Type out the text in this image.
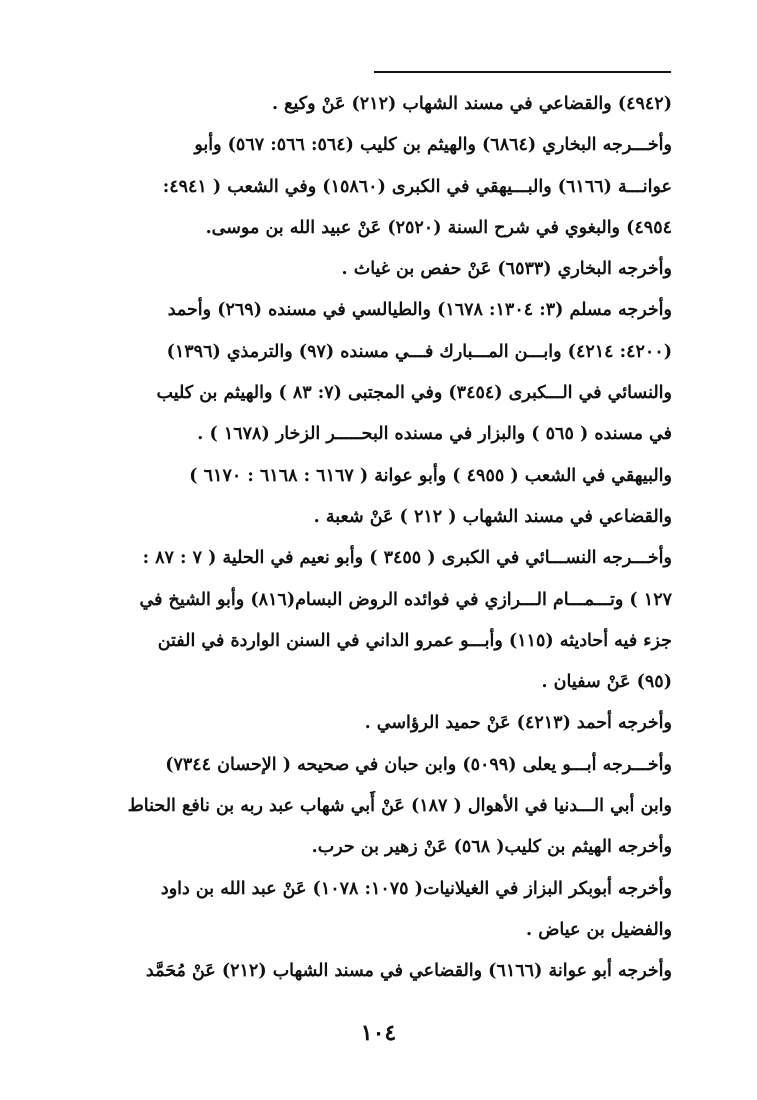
(٤٩٤٢) والقضاعي في مسند الشهاب (٢١٢) عَنْ وكيع .
وأخـــرجه البخاري (٦٨٦٤) والهيثم بن كليب (٥٦٤: ٥٦٦: ٥٦٧) وأبو
عوانـــة (٦١٦٦) والبـــيهقي في الكبرى (١٥٨٦٠) وفي الشعب ( ٤٩٤١:
٤٩٥٤) والبغوي في شرح السنة (٢٥٢٠) عَنْ عبيد الله بن موسى.
وأخرجه البخاري (٦٥٣٣) عَنْ حفص بن غياث .
وأخرجه مسلم (٣: ١٣٠٤: ١٦٧٨) والطيالسي في مسنده (٢٦٩) وأحمد
(٤٢٠٠: ٤٢١٤) وابـــن المـــبارك فـــي مسنده (٩٧) والترمذي (١٣٩٦)
والنسائي في الـــكبرى (٣٤٥٤) وفي المجتبى (٧: ٨٣ ) والهيثم بن كليب
في مسنده ( ٥٦٥ ) والبزار في مسنده البحـــــر الزخار (١٦٧٨ ) .
والبيهقي في الشعب ( ٤٩٥٥ ) وأبو عوانة ( ٦١٦٧ : ٦١٦٨ : ٦١٧٠ )
والقضاعي في مسند الشهاب ( ٢١٢ ) عَنْ شعبة .
وأخـــرجه النســـائي في الكبرى ( ٣٤٥٥ ) وأبو نعيم في الحلية ( ٧ : ٨٧ :
١٢٧ ) وتـــمـــام الـــرازي في فوائده الروض البسام(٨١٦) وأبو الشيخ في
جزء فيه أحاديثه (١١٥) وأبـــو عمرو الداني في السنن الواردة في الفتن
(٩٥) عَنْ سفيان .
وأخرجه أحمد (٤٢١٣) عَنْ حميد الرؤاسي .
وأخـــرجه أبـــو يعلى (٥٠٩٩) وابن حبان في صحيحه ( الإحسان ٧٣٤٤)
وابن أبي الـــدنيا في الأهوال ( ١٨٧) عَنْ أَبي شهاب عبد ربه بن نافع الحناط
وأخرجه الهيثم بن كليب( ٥٦٨) عَنْ زهير بن حرب.
وأخرجه أبوبكر البزاز في الغيلانيات( ١٠٧٥: ١٠٧٨) عَنْ عبد الله بن داود
والفضيل بن عياض .
وأخرجه أبو عوانة (٦١٦٦) والقضاعي في مسند الشهاب (٢١٢) عَنْ مُحَمَّد
١٠٤
